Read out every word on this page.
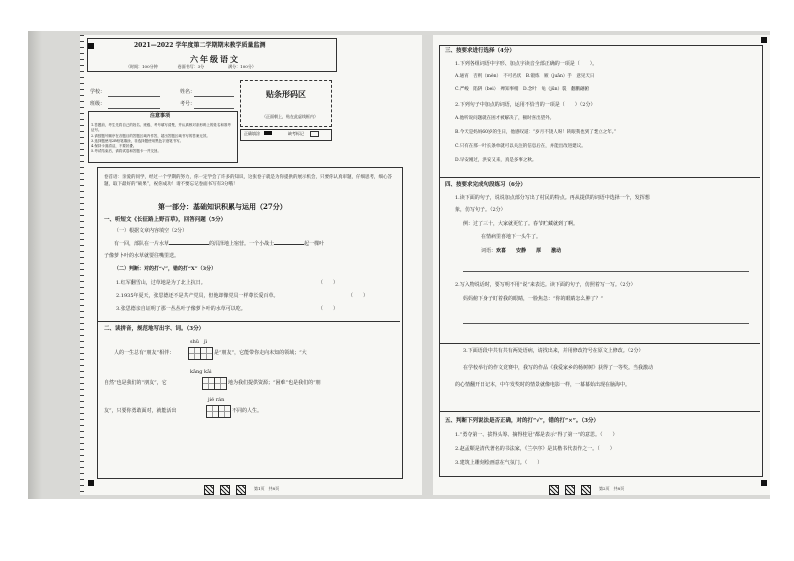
2021—2022 学年度第二学期期末教学质量监测
六年级语文
（时间：100分钟　　　　　卷面书写：3分　　　　　　满分：100分）
学校：	姓名：
班级：	考号：
注意事项
1.答题前，考生先将自己的姓名、班级、考号填写清楚，并认真核对条形码上的姓名和准考证号。
2.请按题号顺序在各题目的答题区域内作答，超出答题区域书写的答案无效。
3.选择题使用2B铅笔填涂，非选择题使用黑色字迹笔书写。
4.保持卡面清洁，不要折叠。
5.考试结束后，请将试卷和答题卡一并交回。
贴条形码区
（正面朝上，贴在此虚线框内）
正确填涂	缺考标记
卷首语：亲爱的同学，经过一个学期的努力，你一定学会了许多的知识，这张卷子就是为你提供的展示机会，只要你认真审题，仔细思考，细心答题，取下最好的“硕果”，祝你成功！请不要忘记卷面书写有3分哦！
第一部分：基础知识积累与运用（27分）
一、听短文《长征路上野百草》，回答问题（5分）
（一）根据文章内容填空（2分）
有一回，部队在一片水草	的沼泽地上宿营。一个小战士	起一棵叶
子像萝卜叶的水草就要往嘴里送。
（二）判断：对的打“√”，错的打“X”（3分）
1.红军翻雪山，过草地是为了北上抗日。	（　　）
2.1935年夏天，张思德还不是共产党员，但他却像党员一样尊长爱百草。	（　　）
3.张思德亲自证明了那一丛丛叶子像萝卜叶的水草可以吃。	（　　）
二、读拼音，规范地写出字、词。（3分）
shǔ　jì
人的一生总有“朋友”相伴：	是“朋友”，它能带你走向未知的领域；“大
kāng kǎi
自然”也是我们的“朋友”，它	地为我们提供资源；“困难”也是我们的“朋
jié rán
友”，只要你勇敢面对，就能活出	不同的人生。
第1页　共8页
三、按要求进行选择（4分）
1.下列各组词语中字形、加点字读音全部正确的一项是（　　）。
A.通宵　否则（mèn）　不可名状　B.锻炼　厥（juān）手　意见天日
C.严峻　陷阱（bei）　殚知事梢　D.念叶　龟（jūn）裂　翻鹏翩俯
2.下列句子中加点的词语，运用不恰当的一项是（　　）（2分）
A.他听说问题就在困才被解决了，顿时喜出望外。
B.今天是妈妈60岁的生日，他感叹道：“岁月不饶人呀！转眼我也到了耄立之年。”
C.只有在那一叶长条单就可以关注的信息后在，并能出改进建议。
D.早安刚过，洪安又来，真是多事之秋。
四、按要求完成句段练习（6分）
1.读下面的句子，说说加点部分写出了村民的特点。再从提供的词语中选择一个，发挥想
象，仿写句子。（2分）
例：过了三十，大家就更忙了。春节贮藏就到了啊。
在情病里喜地下一头牛了。
词语：欢喜　　 安静　　 厚　　 激动
2.写入物说话时，要写明不用“说”来表达。读下面的句子，仿照着写一写。（2分）
妈妈俯下身子盯着我的眼睛，一脸焦急：“你的眼睛怎么肿了？”
3.下面语段中共有共有两处语病，请找出来，并用修改符号在原文上修改。（2分）
在学校举行的作文竞赛中，我写的作品《我爱家乡的杨树树》获得了一等奖。当我激动
的心情翻开日记本，中午发奖时的情景就像电影一样，一幕幕始出现在脑海中。
五、判断下列说法是否正确，对的打“√”，错的打“×”。（3分）
1.“勇夺第一、拔得头筹、摘得桂冠”都是表示“得了第一”的意思。（　　）
2.赵孟頫是清代著名的书法家，《兰亭序》是其楷书代表作之一。（　　）
3.建筑上雕刻绘画意在气氛门。（　　）
第2页　共8页
